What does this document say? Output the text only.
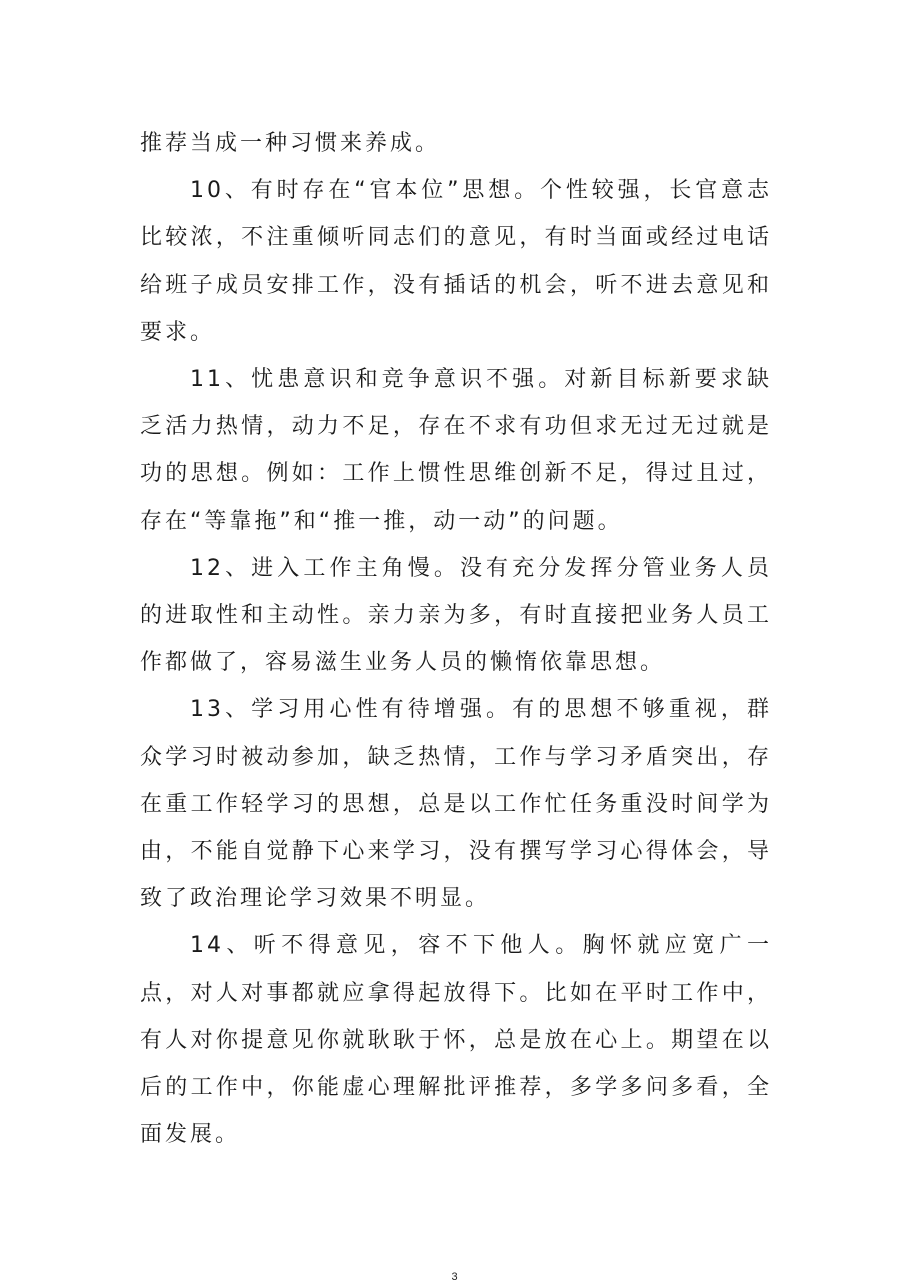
推荐当成一种习惯来养成。

10、有时存在“官本位”思想。个性较强，长官意志比较浓，不注重倾听同志们的意见，有时当面或经过电话给班子成员安排工作，没有插话的机会，听不进去意见和要求。

11、忧患意识和竞争意识不强。对新目标新要求缺乏活力热情，动力不足，存在不求有功但求无过无过就是功的思想。例如：工作上惯性思维创新不足，得过且过，存在“等靠拖”和“推一推，动一动”的问题。

12、进入工作主角慢。没有充分发挥分管业务人员的进取性和主动性。亲力亲为多，有时直接把业务人员工作都做了，容易滋生业务人员的懒惰依靠思想。

13、学习用心性有待增强。有的思想不够重视，群众学习时被动参加，缺乏热情，工作与学习矛盾突出，存在重工作轻学习的思想，总是以工作忙任务重没时间学为由，不能自觉静下心来学习，没有撰写学习心得体会，导致了政治理论学习效果不明显。

14、听不得意见，容不下他人。胸怀就应宽广一点，对人对事都就应拿得起放得下。比如在平时工作中，有人对你提意见你就耿耿于怀，总是放在心上。期望在以后的工作中，你能虚心理解批评推荐，多学多问多看，全面发展。

3
